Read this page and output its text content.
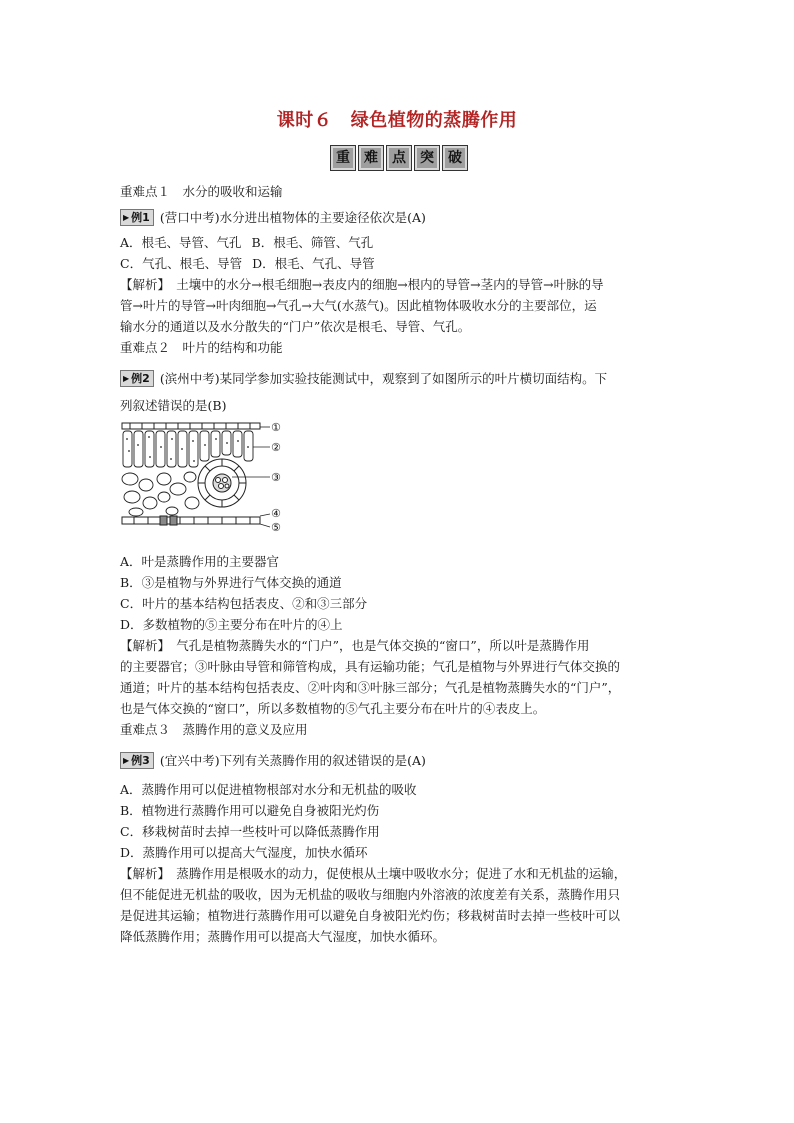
课时６　绿色植物的蒸腾作用
重	难	点	突	破
重难点１　水分的吸收和运输
▶ 例1 (营口中考)水分进出植物体的主要途径依次是(A)
A．根毛、导管、气孔 B．根毛、筛管、气孔
C．气孔、根毛、导管 D．根毛、气孔、导管
【解析】　土壤中的水分→根毛细胞→表皮内的细胞→根内的导管→茎内的导管→叶脉的导
管→叶片的导管→叶肉细胞→气孔→大气(水蒸气)。因此植物体吸收水分的主要部位，运
输水分的通道以及水分散失的“门户”依次是根毛、导管、气孔。
重难点２　叶片的结构和功能
▶ 例2 (滨州中考)某同学参加实验技能测试中，观察到了如图所示的叶片横切面结构。下
列叙述错误的是(B)
①
②
③
④
⑤
A．叶是蒸腾作用的主要器官
B．③是植物与外界进行气体交换的通道
C．叶片的基本结构包括表皮、②和③三部分
D．多数植物的⑤主要分布在叶片的④上
【解析】　气孔是植物蒸腾失水的“门户”，也是气体交换的“窗口”，所以叶是蒸腾作用
的主要器官；③叶脉由导管和筛管构成，具有运输功能；气孔是植物与外界进行气体交换的
通道；叶片的基本结构包括表皮、②叶肉和③叶脉三部分；气孔是植物蒸腾失水的“门户”，
也是气体交换的“窗口”，所以多数植物的⑤气孔主要分布在叶片的④表皮上。
重难点３　蒸腾作用的意义及应用
▶ 例3 (宜兴中考)下列有关蒸腾作用的叙述错误的是(A)
A．蒸腾作用可以促进植物根部对水分和无机盐的吸收
B．植物进行蒸腾作用可以避免自身被阳光灼伤
C．移栽树苗时去掉一些枝叶可以降低蒸腾作用
D．蒸腾作用可以提高大气湿度，加快水循环
【解析】　蒸腾作用是根吸水的动力，促使根从土壤中吸收水分；促进了水和无机盐的运输，
但不能促进无机盐的吸收，因为无机盐的吸收与细胞内外溶液的浓度差有关系，蒸腾作用只
是促进其运输；植物进行蒸腾作用可以避免自身被阳光灼伤；移栽树苗时去掉一些枝叶可以
降低蒸腾作用；蒸腾作用可以提高大气湿度，加快水循环。
